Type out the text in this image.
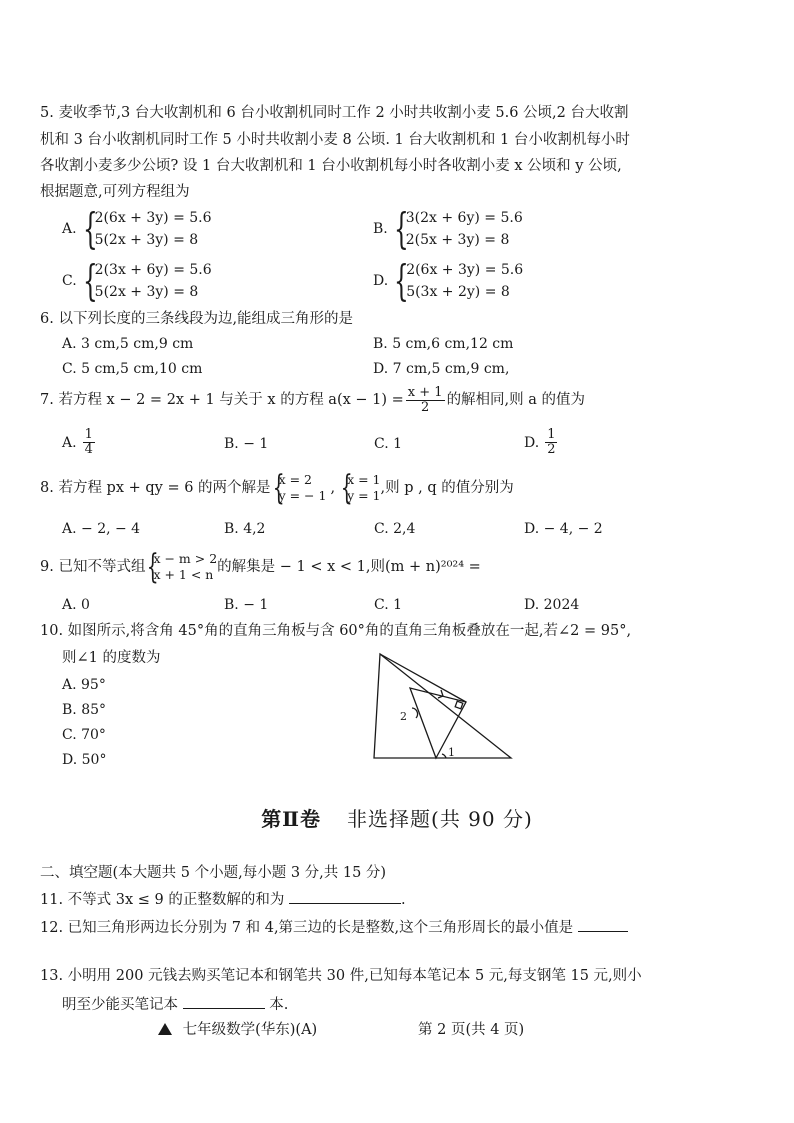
5. 麦收季节,3 台大收割机和 6 台小收割机同时工作 2 小时共收割小麦 5.6 公顷,2 台大收割
机和 3 台小收割机同时工作 5 小时共收割小麦 8 公顷. 1 台大收割机和 1 台小收割机每小时
各收割小麦多少公顷? 设 1 台大收割机和 1 台小收割机每小时各收割小麦 x 公顷和 y 公顷,
根据题意,可列方程组为
A. {
2(6x + 3y) = 5.6
5(2x + 3y) = 8
B. {
3(2x + 6y) = 5.6
2(5x + 3y) = 8
C. {
2(3x + 6y) = 5.6
5(2x + 3y) = 8
D. {
2(6x + 3y) = 5.6
5(3x + 2y) = 8
6. 以下列长度的三条线段为边,能组成三角形的是
A. 3 cm,5 cm,9 cm	B. 5 cm,6 cm,12 cm
C. 5 cm,5 cm,10 cm	D. 7 cm,5 cm,9 cm,
7. 若方程 x − 2 = 2x + 1 与关于 x 的方程 $a(x - 1) = \frac{x + 1}{2}$ 的解相同,则 a 的值为
A. $\frac{1}{4}$	B. − 1	C. 1	D. $\frac{1}{2}$
8. 若方程 px + qy = 6 的两个解是 {
x = 2
y = − 1 , {
x = 1
y = 1 ,则 p , q 的值分别为
A. − 2, − 4	B. 4,2	C. 2,4	D. − 4, − 2
9. 已知不等式组 {
x − m > 2
x + 1 < n 的解集是 − 1 < x < 1,则(m + n)²⁰²⁴ =
A. 0	B. − 1	C. 1	D. 2024
10. 如图所示,将含角 45°角的直角三角板与含 60°角的直角三角板叠放在一起,若∠2 = 95°,
则∠1 的度数为
A. 95°
B. 85°
C. 70°
D. 50°
2
1
第Ⅱ卷 非选择题(共 90 分)
二、填空题(本大题共 5 个小题,每小题 3 分,共 15 分)
11. 不等式 3x ≤ 9 的正整数解的和为	.
12. 已知三角形两边长分别为 7 和 4,第三边的长是整数,这个三角形周长的最小值是
13. 小明用 200 元钱去购买笔记本和钢笔共 30 件,已知每本笔记本 5 元,每支钢笔 15 元,则小
明至少能买笔记本	本.
七年级数学(华东)(A)	第 2 页(共 4 页)
